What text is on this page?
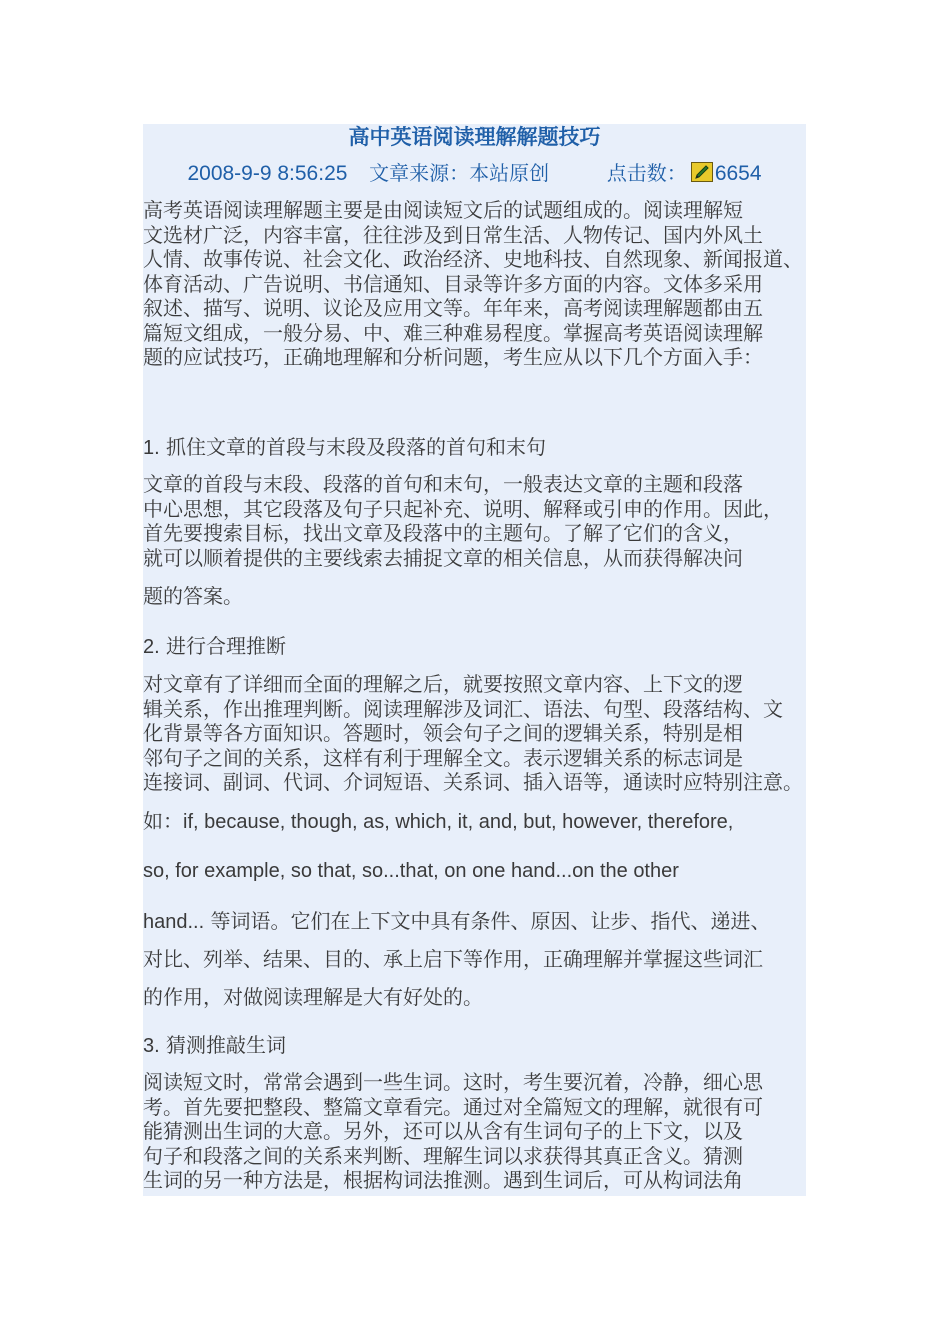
高中英语阅读理解解题技巧
2008-9-9 8:56:25 文章来源：本站原创	点击数： 6654
高考英语阅读理解题主要是由阅读短文后的试题组成的。阅读理解短
文选材广泛，内容丰富，往往涉及到日常生活、人物传记、国内外风土
人情、故事传说、社会文化、政治经济、史地科技、自然现象、新闻报道、
体育活动、广告说明、书信通知、目录等许多方面的内容。文体多采用
叙述、描写、说明、议论及应用文等。年年来，高考阅读理解题都由五
篇短文组成，一般分易、中、难三种难易程度。掌握高考英语阅读理解
题的应试技巧，正确地理解和分析问题，考生应从以下几个方面入手：
1. 抓住文章的首段与末段及段落的首句和末句
文章的首段与末段、段落的首句和末句，一般表达文章的主题和段落
中心思想，其它段落及句子只起补充、说明、解释或引申的作用。因此，
首先要搜索目标，找出文章及段落中的主题句。了解了它们的含义，
就可以顺着提供的主要线索去捕捉文章的相关信息，从而获得解决问
题的答案。
2. 进行合理推断
对文章有了详细而全面的理解之后，就要按照文章内容、上下文的逻
辑关系，作出推理判断。阅读理解涉及词汇、语法、句型、段落结构、文
化背景等各方面知识。答题时，领会句子之间的逻辑关系，特别是相
邻句子之间的关系，这样有利于理解全文。表示逻辑关系的标志词是
连接词、副词、代词、介词短语、关系词、插入语等，通读时应特别注意。
如：if, because, though, as, which, it, and, but, however, therefore,
so, for example, so that, so...that, on one hand...on the other
hand... 等词语。它们在上下文中具有条件、原因、让步、指代、递进、
对比、列举、结果、目的、承上启下等作用，正确理解并掌握这些词汇
的作用，对做阅读理解是大有好处的。
3. 猜测推敲生词
阅读短文时，常常会遇到一些生词。这时，考生要沉着，冷静，细心思
考。首先要把整段、整篇文章看完。通过对全篇短文的理解，就很有可
能猜测出生词的大意。另外，还可以从含有生词句子的上下文，以及
句子和段落之间的关系来判断、理解生词以求获得其真正含义。猜测
生词的另一种方法是，根据构词法推测。遇到生词后，可从构词法角
